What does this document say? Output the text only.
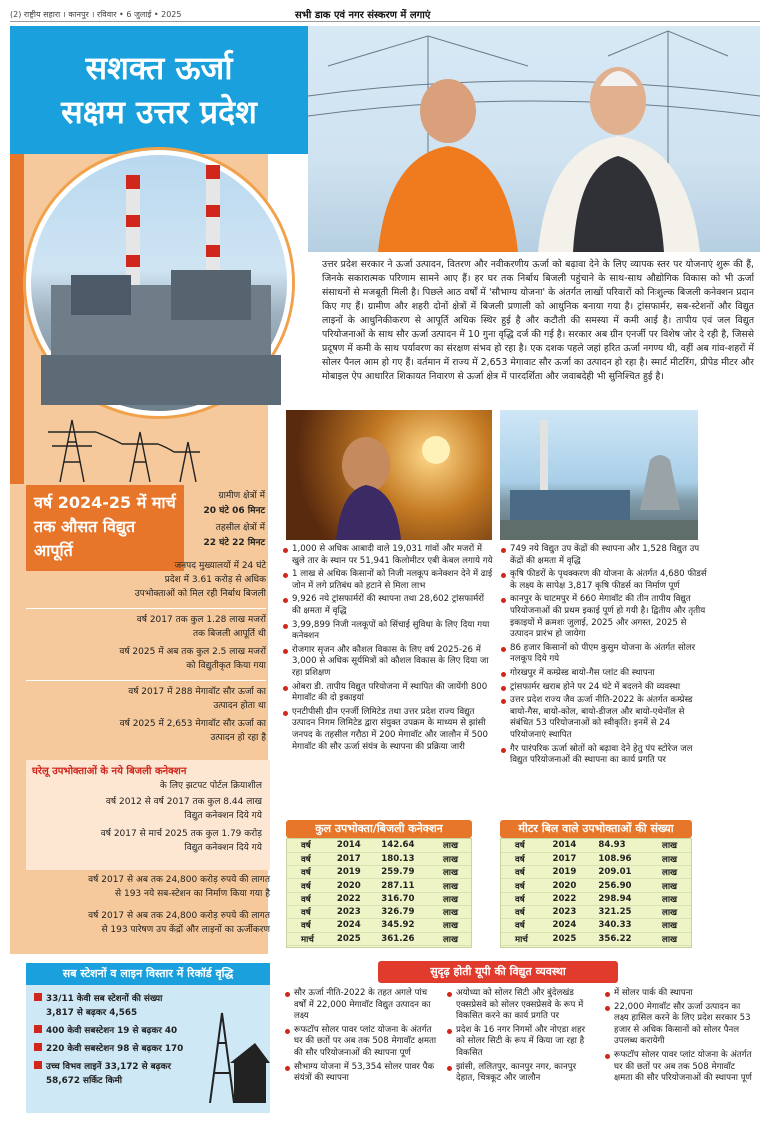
(2) राष्ट्रीय सहारा । कानपुर । रविवार • 6 जुलाई • 2025	सभी डाक एवं नगर संस्करण में लगाएं
सशक्त ऊर्जा
सक्षम उत्तर प्रदेश
उत्तर प्रदेश सरकार ने ऊर्जा उत्पादन, वितरण और नवीकरणीय ऊर्जा को बढ़ावा देने के लिए व्यापक स्तर पर योजनाएं शुरू की हैं, जिनके सकारात्मक परिणाम सामने आए हैं। हर घर तक निर्बाध बिजली पहुंचाने के साथ-साथ औद्योगिक विकास को भी ऊर्जा संसाधनों से मजबूती मिली है। पिछले आठ वर्षों में 'सौभाग्य योजना' के अंतर्गत लाखों परिवारों को निःशुल्क बिजली कनेक्शन प्रदान किए गए हैं। ग्रामीण और शहरी दोनों क्षेत्रों में बिजली प्रणाली को आधुनिक बनाया गया है। ट्रांसफार्मर, सब-स्टेशनों और विद्युत लाइनों के आधुनिकीकरण से आपूर्ति अधिक स्थिर हुई है और कटौती की समस्या में कमी आई है। तापीय एवं जल विद्युत परियोजनाओं के साथ सौर ऊर्जा उत्पादन में 10 गुना वृद्धि दर्ज की गई है। सरकार अब ग्रीन एनर्जी पर विशेष जोर दे रही है, जिससे प्रदूषण में कमी के साथ पर्यावरण का संरक्षण संभव हो रहा है। एक दशक पहले जहां हरित ऊर्जा नगण्य थी, वहीं अब गांव-शहरों में सोलर पैनल आम हो गए हैं। वर्तमान में राज्य में 2,653 मेगावाट सौर ऊर्जा का उत्पादन हो रहा है। स्मार्ट मीटरिंग, प्रीपेड मीटर और मोबाइल ऐप आधारित शिकायत निवारण से ऊर्जा क्षेत्र में पारदर्शिता और जवाबदेही भी सुनिश्चित हुई है।
वर्ष 2024-25 में मार्च तक औसत विद्युत आपूर्ति
ग्रामीण क्षेत्रों में
20 घंटे 06 मिनट
तहसील क्षेत्रों में
22 घंटे 22 मिनट
जनपद मुख्यालयों में 24 घंटे
प्रदेश में 3.61 करोड़ से अधिक
उपभोक्ताओं को मिल रही निर्बाध बिजली
वर्ष 2017 तक कुल 1.28 लाख मजरों
तक बिजली आपूर्ति थी
वर्ष 2025 में अब तक कुल 2.5 लाख मजरों
को विद्युतीकृत किया गया
वर्ष 2017 में 288 मेगावॉट सौर ऊर्जा का
उत्पादन होता था
वर्ष 2025 में 2,653 मेगावॉट सौर ऊर्जा का
उत्पादन हो रहा है
घरेलू उपभोक्ताओं के नये बिजली कनेक्शन
के लिए झटपट पोर्टल क्रियाशील
वर्ष 2012 से वर्ष 2017 तक कुल 8.44 लाख
विद्युत कनेक्शन दिये गये
वर्ष 2017 से मार्च 2025 तक कुल 1.79 करोड़
विद्युत कनेक्शन दिये गये
वर्ष 2017 से अब तक 24,800 करोड़ रुपये की लागत
से 193 नये सब-स्टेशन का निर्माण किया गया है
वर्ष 2017 से अब तक 24,800 करोड़ रुपये की लागत
से 193 पारेषण उप केंद्रों और लाइनों का ऊर्जीकरण
1,000 से अधिक आबादी वाले 19,031 गांवों और मजरों में खुले तार के स्थान पर 51,941 किलोमीटर एबी केबल लगाये गये
1 लाख से अधिक किसानों को निजी नलकूप कनेक्शन देने में ढाई जोन में लगे प्रतिबंध को हटाने से मिला लाभ
9,926 नये ट्रांसफार्मरों की स्थापना तथा 28,602 ट्रांसफार्मरों की क्षमता में वृद्धि
3,99,899 निजी नलकूपों को सिंचाई सुविधा के लिए दिया गया कनेक्शन
रोजगार सृजन और कौशल विकास के लिए वर्ष 2025-26 में 3,000 से अधिक सूर्यमित्रों को कौशल विकास के लिए दिया जा रहा प्रशिक्षण
ओबरा डी. तापीय विद्युत परियोजना में स्थापित की जायेंगी 800 मेगावॉट की दो इकाइयां
एनटीपीसी ग्रीन एनर्जी लिमिटेड तथा उत्तर प्रदेश राज्य विद्युत उत्पादन निगम लिमिटेड द्वारा संयुक्त उपक्रम के माध्यम से झांसी जनपद के तहसील गरौठा में 200 मेगावॉट और जालौन में 500 मेगावॉट की सौर ऊर्जा संयंत्र के स्थापना की प्रक्रिया जारी
749 नये विद्युत उप केंद्रों की स्थापना और 1,528 विद्युत उप केंद्रों की क्षमता में वृद्धि
कृषि फीडरों के पृथक्करण की योजना के अंतर्गत 4,680 फीडर्स के लक्ष्य के सापेक्ष 3,817 कृषि फीडर्स का निर्माण पूर्ण
कानपुर के घाटमपुर में 660 मेगावॉट की तीन तापीय विद्युत परियोजनाओं की प्रथम इकाई पूर्ण हो गयी है। द्वितीय और तृतीय इकाइयों में क्रमशः जुलाई, 2025 और अगस्त, 2025 से उत्पादन प्रारंभ हो जायेगा
86 हजार किसानों को पीएम कुसुम योजना के अंतर्गत सोलर नलकूप दिये गये
गोरखपुर में कम्प्रेस्ड बायो-गैस प्लांट की स्थापना
ट्रांसफार्मर खराब होने पर 24 घंटे में बदलने की व्यवस्था
उत्तर प्रदेश राज्य जैव ऊर्जा नीति-2022 के अंतर्गत कम्प्रेस्ड बायो-गैस, बायो-कोल, बायो-डीजल और बायो-एथेनॉल से संबंधित 53 परियोजनाओं को स्वीकृति। इनमें से 24 परियोजनाएं स्थापित
गैर पारंपरिक ऊर्जा स्रोतों को बढ़ावा देने हेतु पंप स्टोरेज जल विद्युत परियोजनाओं की स्थापना का कार्य प्रगति पर
कुल उपभोक्ता/बिजली कनेक्शन
वर्ष	2014	142.64	लाख
वर्ष	2017	180.13	लाख
वर्ष	2019	259.79	लाख
वर्ष	2020	287.11	लाख
वर्ष	2022	316.70	लाख
वर्ष	2023	326.79	लाख
वर्ष	2024	345.92	लाख
मार्च	2025	361.26	लाख
मीटर बिल वाले उपभोक्ताओं की संख्या
वर्ष	2014	84.93	लाख
वर्ष	2017	108.96	लाख
वर्ष	2019	209.01	लाख
वर्ष	2020	256.90	लाख
वर्ष	2022	298.94	लाख
वर्ष	2023	321.25	लाख
वर्ष	2024	340.33	लाख
मार्च	2025	356.22	लाख
सब स्टेशनों व लाइन विस्तार में रिकॉर्ड वृद्धि
33/11 केवी सब स्टेशनों की संख्या
3,817 से बढ़कर 4,565
400 केवी सबस्टेशन 19 से बढ़कर 40
220 केवी सबस्टेशन 98 से बढ़कर 170
उच्च विभव लाइनें 33,172 से बढ़कर
58,672 सर्किट किमी
सुदृढ़ होती यूपी की विद्युत व्यवस्था
सौर ऊर्जा नीति-2022 के तहत अगले पांच वर्षों में 22,000 मेगावॉट विद्युत उत्पादन का लक्ष्य
रूफटॉप सोलर पावर प्लांट योजना के अंतर्गत घर की छतों पर अब तक 508 मेगावॉट क्षमता की सौर परियोजनाओं की स्थापना पूर्ण
सौभाग्य योजना में 53,354 सोलर पावर पैक संयंत्रों की स्थापना
अयोध्या को सोलर सिटी और बुंदेलखंड एक्सप्रेसवे को सोलर एक्सप्रेसवे के रूप में विकसित करने का कार्य प्रगति पर
प्रदेश के 16 नगर निगमों और नोएडा शहर को सोलर सिटी के रूप में किया जा रहा है विकसित
झांसी, ललितपुर, कानपुर नगर, कानपुर देहात, चित्रकूट और जालौन
में सोलर पार्क की स्थापना
22,000 मेगावॉट सौर ऊर्जा उत्पादन का लक्ष्य हासिल करने के लिए प्रदेश सरकार 53 हजार से अधिक किसानों को सोलर पैनल उपलब्ध करायेगी
रूफटॉप सोलर पावर प्लांट योजना के अंतर्गत घर की छतों पर अब तक 508 मेगावॉट क्षमता की सौर परियोजनाओं की स्थापना पूर्ण
